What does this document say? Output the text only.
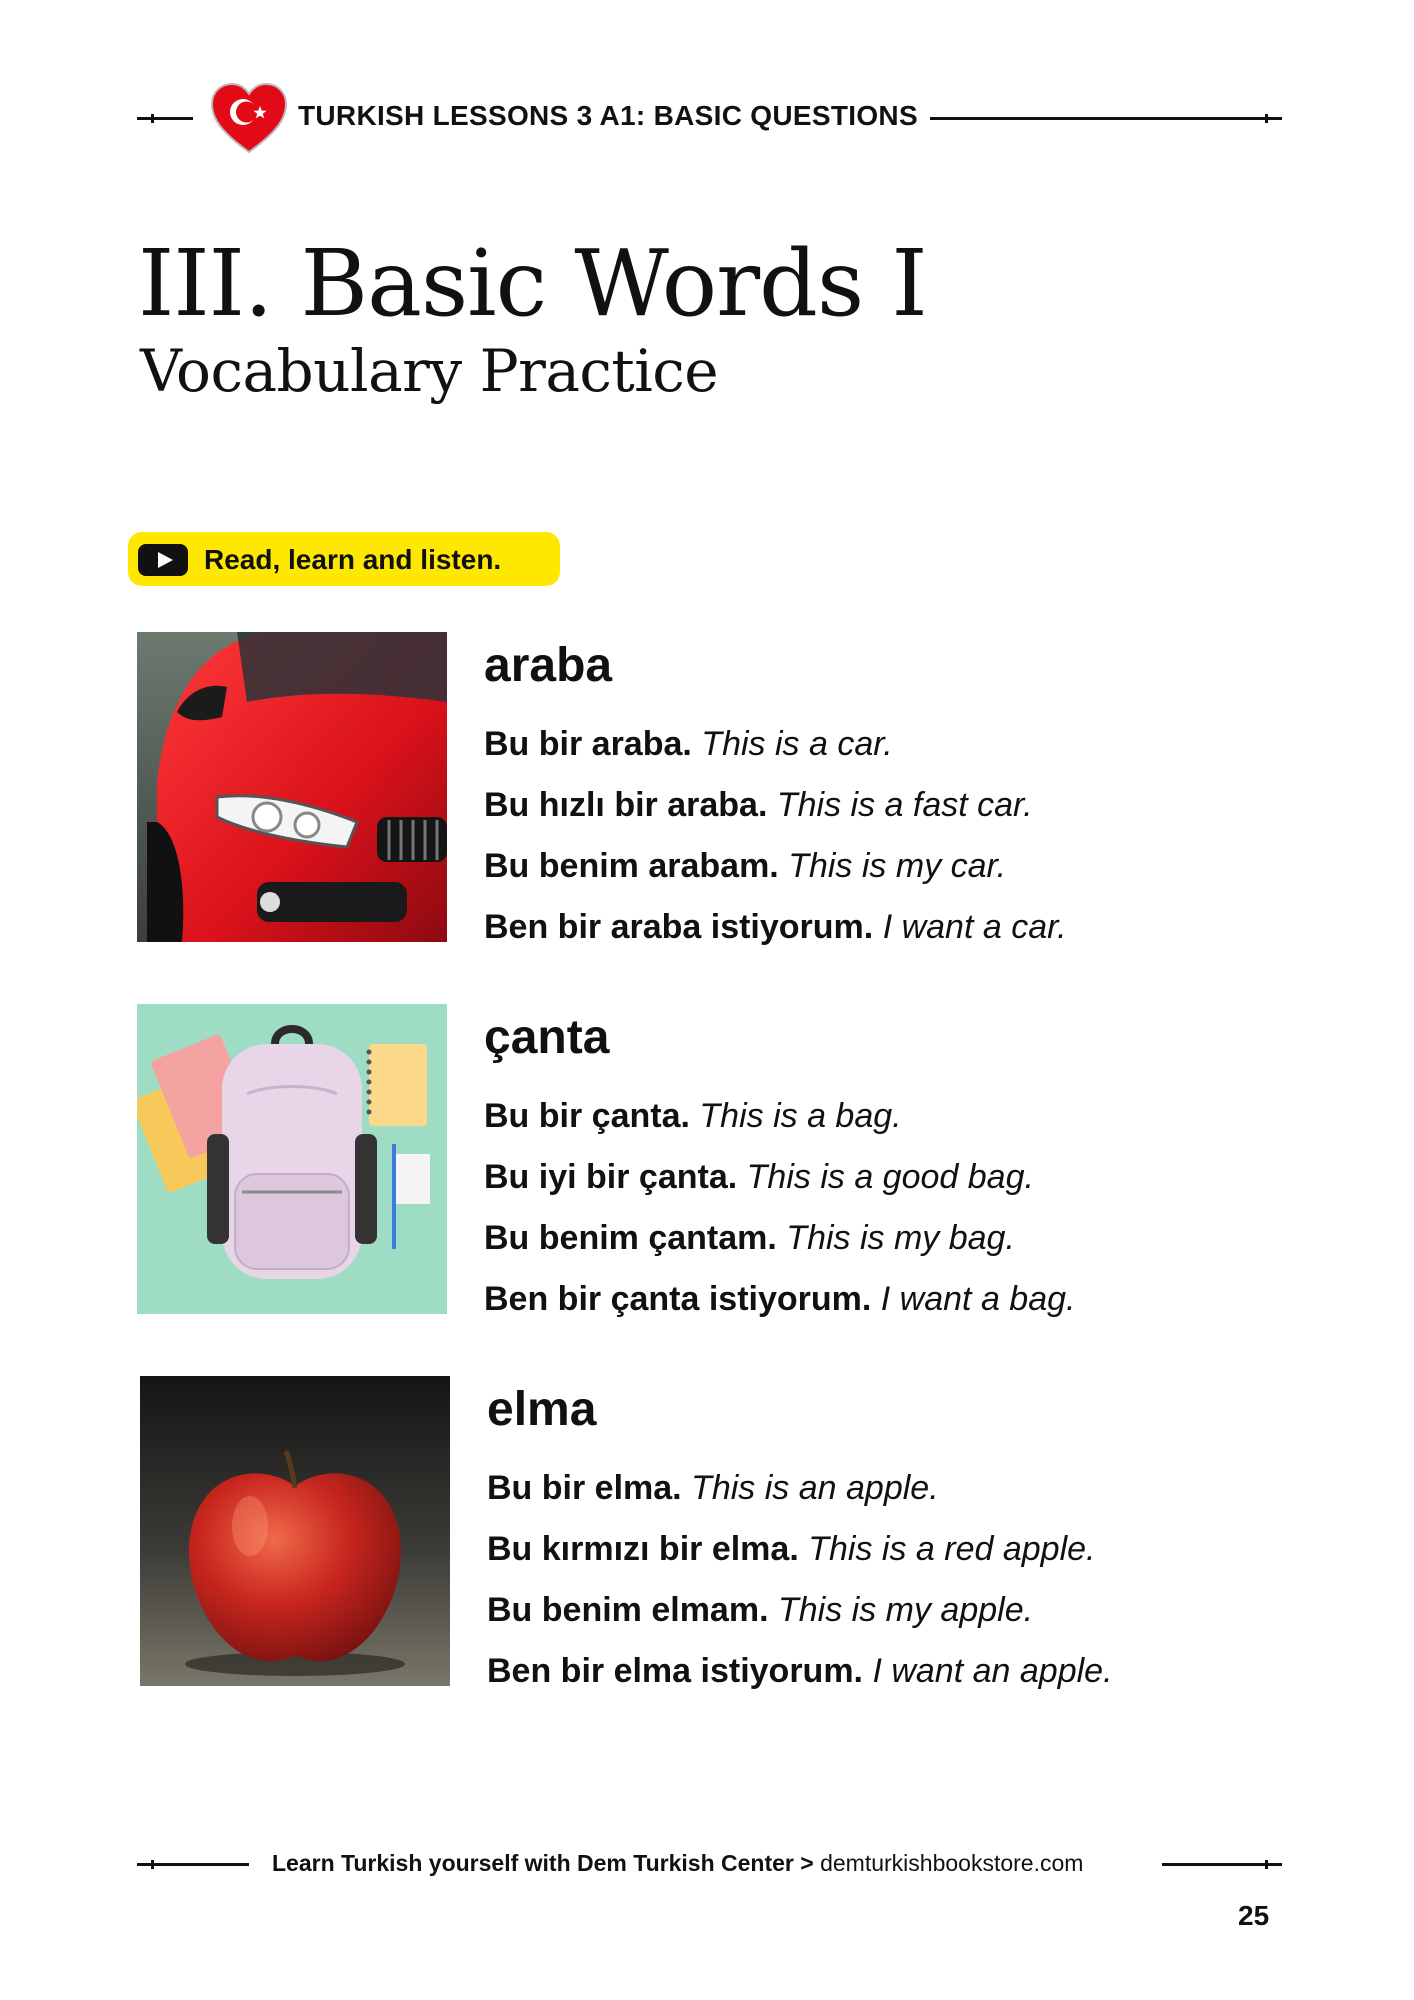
TURKISH LESSONS 3 A1: BASIC QUESTIONS
III. Basic Words I
Vocabulary Practice
Read, learn and listen.
araba
Bu bir araba. This is a car.
Bu hızlı bir araba. This is a fast car.
Bu benim arabam. This is my car.
Ben bir araba istiyorum. I want a car.
çanta
Bu bir çanta. This is a bag.
Bu iyi bir çanta. This is a good bag.
Bu benim çantam. This is my bag.
Ben bir çanta istiyorum. I want a bag.
elma
Bu bir elma. This is an apple.
Bu kırmızı bir elma. This is a red apple.
Bu benim elmam. This is my apple.
Ben bir elma istiyorum. I want an apple.
Learn Turkish yourself with Dem Turkish Center > demturkishbookstore.com
25
